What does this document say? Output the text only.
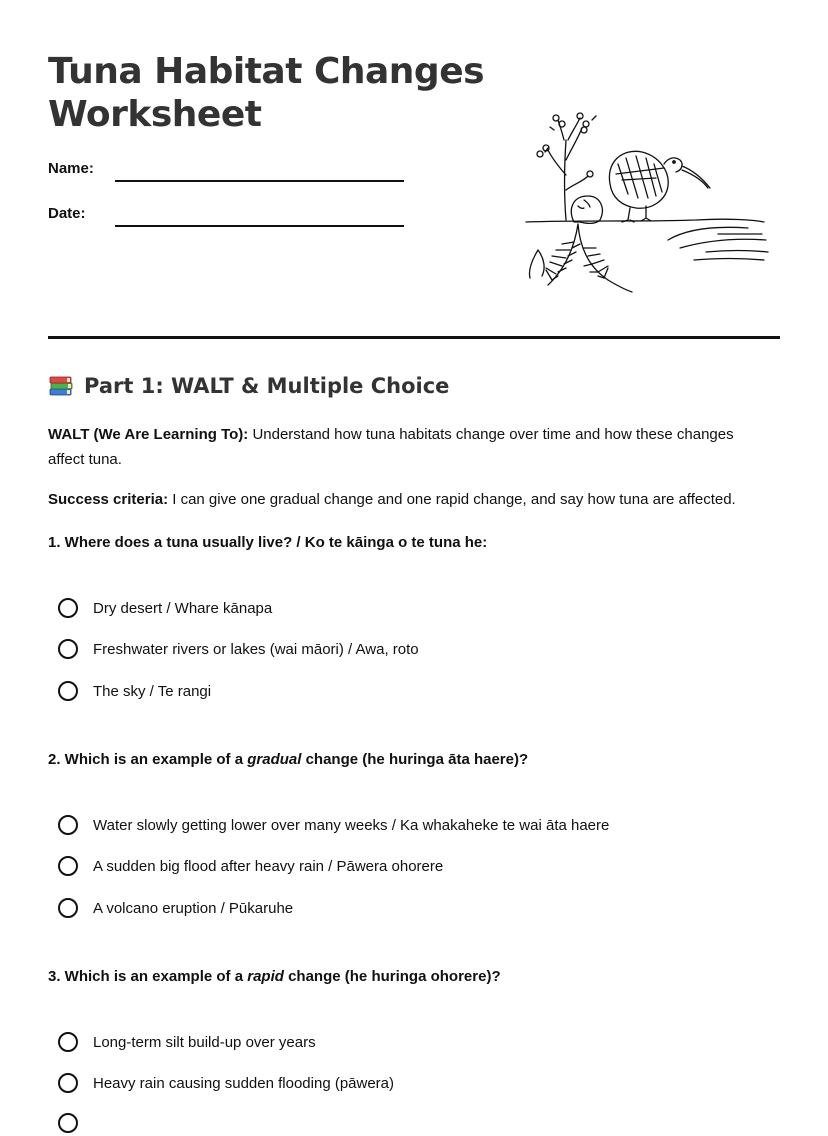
Tuna Habitat Changes Worksheet
Name:
Date:
Part 1: WALT & Multiple Choice

WALT (We Are Learning To): Understand how tuna habitats change over time and how these changes affect tuna.

Success criteria: I can give one gradual change and one rapid change, and say how tuna are affected.

1. Where does a tuna usually live? / Ko te kāinga o te tuna he:

Dry desert / Whare kānapa
Freshwater rivers or lakes (wai māori) / Awa, roto
The sky / Te rangi

2. Which is an example of a gradual change (he huringa āta haere)?

Water slowly getting lower over many weeks / Ka whakaheke te wai āta haere
A sudden big flood after heavy rain / Pāwera ohorere
A volcano eruption / Pūkaruhe

3. Which is an example of a rapid change (he huringa ohorere)?

Long-term silt build-up over years
Heavy rain causing sudden flooding (pāwera)
